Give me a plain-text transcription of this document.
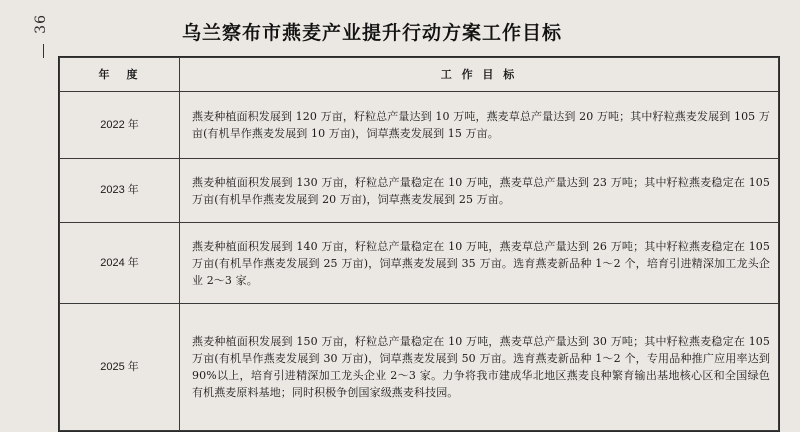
36	乌兰察布市燕麦产业提升行动方案工作目标
年　度	工 作 目 标
2022 年	燕麦种植面积发展到 120 万亩，籽粒总产量达到 10 万吨，燕麦草总产量达到 20 万吨；其中籽粒燕麦发展到 105 万亩(有机旱作燕麦发展到 10 万亩)，饲草燕麦发展到 15 万亩。
2023 年	燕麦种植面积发展到 130 万亩，籽粒总产量稳定在 10 万吨，燕麦草总产量达到 23 万吨；其中籽粒燕麦稳定在 105 万亩(有机旱作燕麦发展到 20 万亩)，饲草燕麦发展到 25 万亩。
2024 年	燕麦种植面积发展到 140 万亩，籽粒总产量稳定在 10 万吨，燕麦草总产量达到 26 万吨；其中籽粒燕麦稳定在 105 万亩(有机旱作燕麦发展到 25 万亩)，饲草燕麦发展到 35 万亩。选育燕麦新品种 1～2 个，培育引进精深加工龙头企业 2～3 家。
2025 年	燕麦种植面积发展到 150 万亩，籽粒总产量稳定在 10 万吨，燕麦草总产量达到 30 万吨；其中籽粒燕麦稳定在 105 万亩(有机旱作燕麦发展到 30 万亩)，饲草燕麦发展到 50 万亩。选育燕麦新品种 1～2 个，专用品种推广应用率达到 90%以上，培育引进精深加工龙头企业 2～3 家。力争将我市建成华北地区燕麦良种繁育输出基地核心区和全国绿色有机燕麦原料基地；同时积极争创国家级燕麦科技园。
